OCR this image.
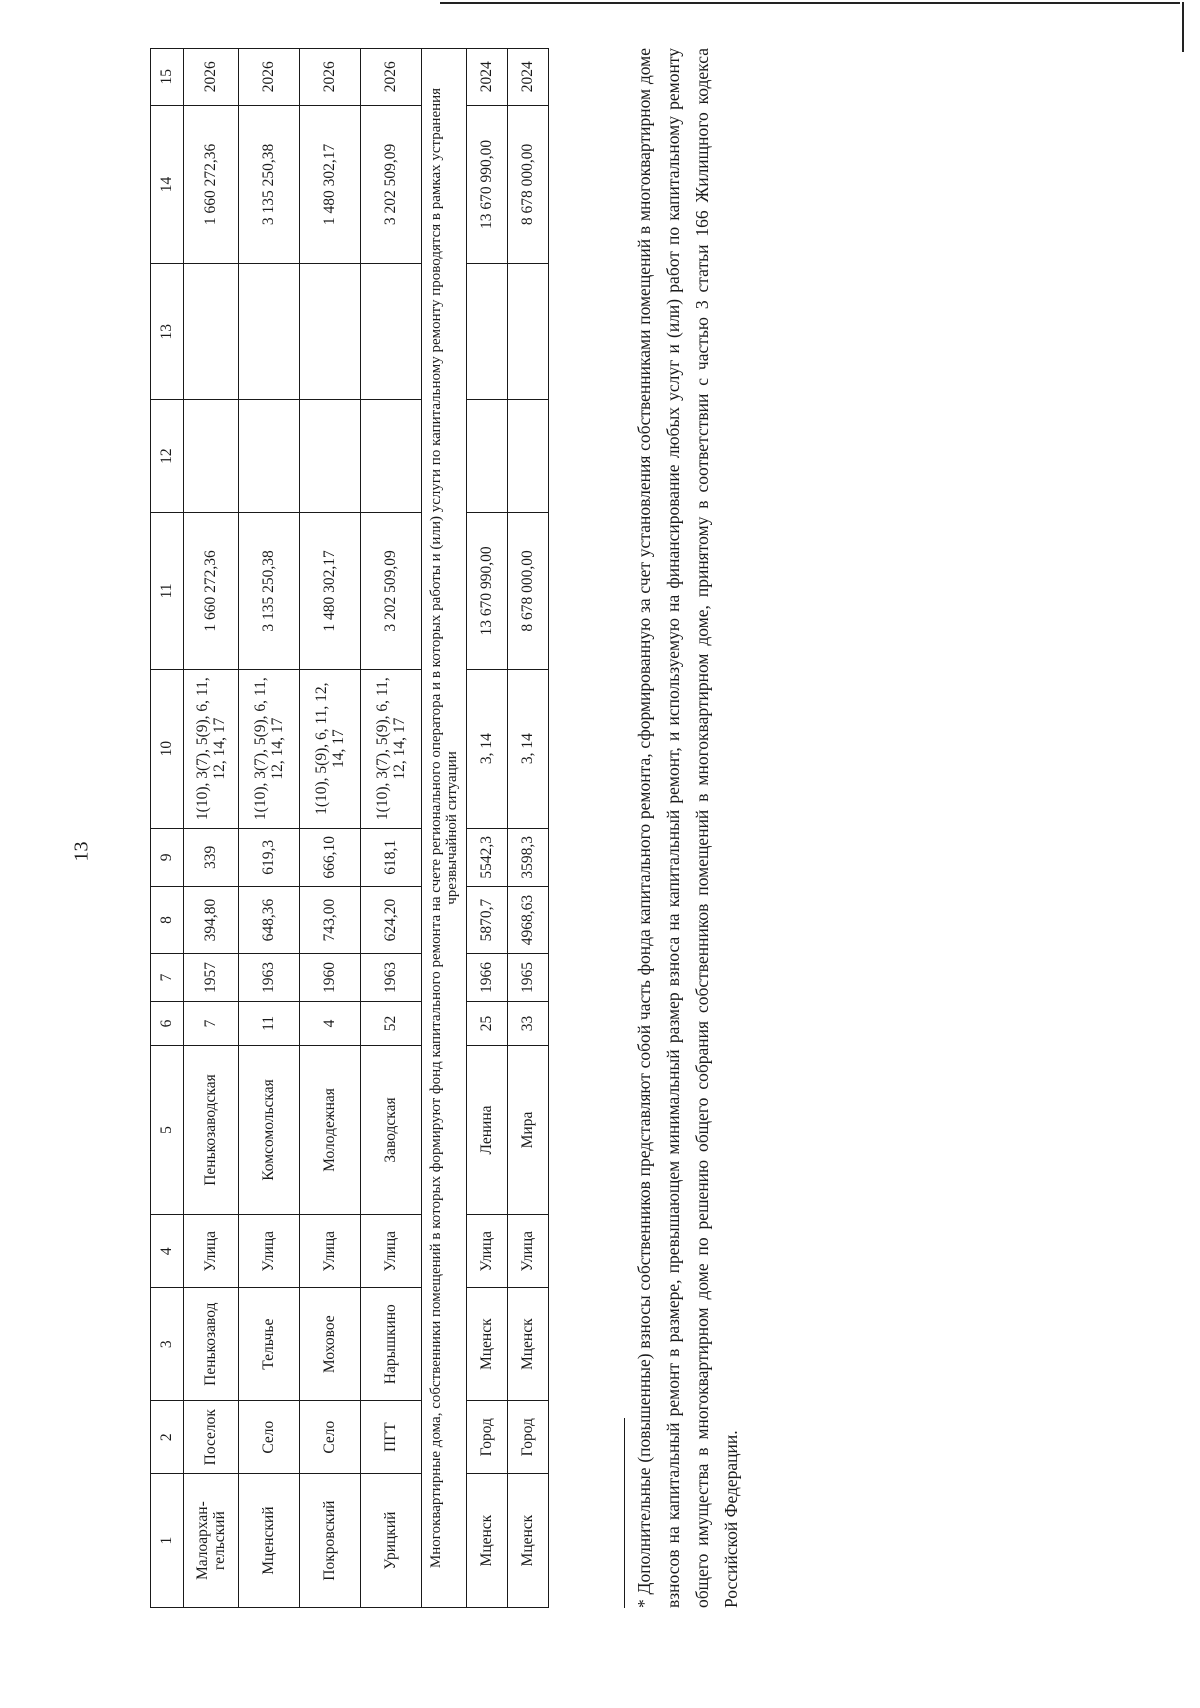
13
1	2	3	4	5	6	7	8	9	10	11	12	13	14	15
Малоархан-гельский	Поселок	Пенькозавод	Улица	Пенькозаводская	7	1957	394,80	339	1(10), 3(7), 5(9), 6, 11, 12, 14, 17	1 660 272,36			1 660 272,36	2026
Мценский	Село	Тельчье	Улица	Комсомольская	11	1963	648,36	619,3	1(10), 3(7), 5(9), 6, 11, 12, 14, 17	3 135 250,38			3 135 250,38	2026
Покровский	Село	Моховое	Улица	Молодежная	4	1960	743,00	666,10	1(10), 5(9), 6, 11, 12, 14, 17	1 480 302,17			1 480 302,17	2026
Урицкий	ПГТ	Нарышкино	Улица	Заводская	52	1963	624,20	618,1	1(10), 3(7), 5(9), 6, 11, 12, 14, 17	3 202 509,09			3 202 509,09	2026
Многоквартирные дома, собственники помещений в которых формируют фонд капитального ремонта на счете регионального оператора и в которых работы и (или) услуги по капитальному ремонту проводятся в рамках устранения чрезвычайной ситуации														
Мценск	Город	Мценск	Улица	Ленина	25	1966	5870,7	5542,3	3, 14	13 670 990,00			13 670 990,00	2024
Мценск	Город	Мценск	Улица	Мира	33	1965	4968,63	3598,3	3, 14	8 678 000,00			8 678 000,00	2024	* Дополнительные (повышенные) взносы собственников представляют собой часть фонда капитального ремонта, сформированную за счет установления собственниками помещений в многоквартирном доме взносов на капитальный ремонт в размере, превышающем минимальный размер взноса на капитальный ремонт, и используемую на финансирование любых услуг и (или) работ по капитальному ремонту общего имущества в многоквартирном доме по решению общего собрания собственников помещений в многоквартирном доме, принятому в соответствии с частью 3 статьи 166 Жилищного кодекса Российской Федерации.
